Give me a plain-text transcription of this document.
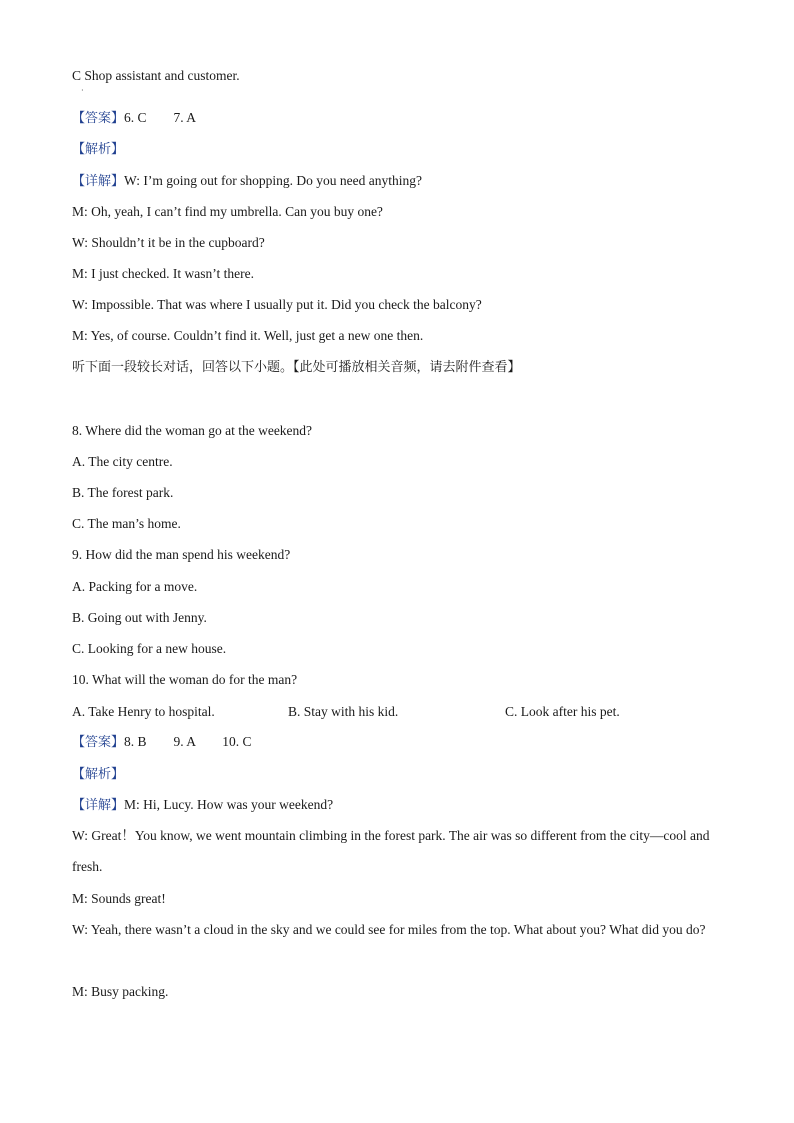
C Shop assistant and customer.
·
【答案】6. C        7. A
【解析】
【详解】W: I’m going out for shopping. Do you need anything?
M: Oh, yeah, I can’t find my umbrella. Can you buy one?
W: Shouldn’t it be in the cupboard?
M: I just checked. It wasn’t there.
W: Impossible. That was where I usually put it. Did you check the balcony?
M: Yes, of course. Couldn’t find it. Well, just get a new one then.
听下面一段较长对话，回答以下小题。【此处可播放相关音频，请去附件查看】
8. Where did the woman go at the weekend?
A. The city centre.
B. The forest park.
C. The man’s home.
9. How did the man spend his weekend?
A. Packing for a move.
B. Going out with Jenny.
C. Looking for a new house.
10. What will the woman do for the man?
A. Take Henry to hospital.	B. Stay with his kid.	C. Look after his pet.
【答案】8. B        9. A        10. C
【解析】
【详解】M: Hi, Lucy. How was your weekend?
W: Great！You know, we went mountain climbing in the forest park. The air was so different from the city—cool and fresh.
M: Sounds great!
W: Yeah, there wasn’t a cloud in the sky and we could see for miles from the top. What about you? What did you do?
M: Busy packing.
